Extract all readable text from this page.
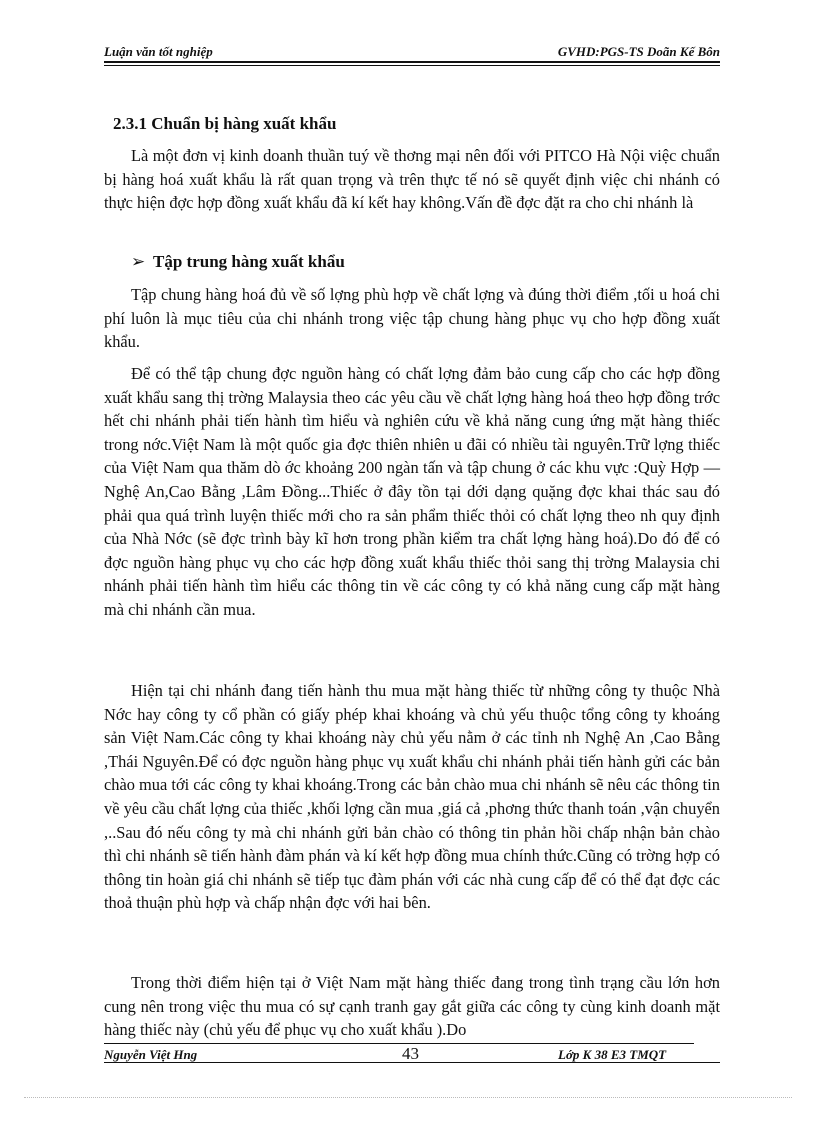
Luận văn tốt nghiệp	GVHD:PGS-TS Doãn Kế Bôn
2.3.1 Chuẩn bị hàng xuất khẩu

Là một đơn vị kinh doanh thuần tuý về thơng mại nên đối với PITCO Hà Nội việc chuẩn bị hàng hoá xuất khẩu là rất quan trọng và trên thực tế nó sẽ quyết định việc chi nhánh có thực hiện đợc hợp đồng xuất khẩu đã kí kết hay không.Vấn đề đợc đặt ra cho chi nhánh là

➢ Tập trung hàng xuất khẩu

Tập chung hàng hoá đủ về số lợng phù hợp về chất lợng và đúng thời điểm ,tối u hoá chi phí luôn là mục tiêu của chi nhánh trong việc tập chung hàng phục vụ cho hợp đồng xuất khẩu.

Để có thể tập chung đợc nguồn hàng có chất lợng đảm bảo cung cấp cho các hợp đồng xuất khẩu sang thị trờng Malaysia theo các yêu cầu về chất lợng hàng hoá theo hợp đồng trớc hết chi nhánh phải tiến hành tìm hiểu và nghiên cứu về khả năng cung ứng mặt hàng thiếc trong nớc.Việt Nam là một quốc gia đợc thiên nhiên u đãi có nhiều tài nguyên.Trữ lợng thiếc của Việt Nam qua thăm dò ớc khoảng 200 ngàn tấn và tập chung ở các khu vực :Quỳ Hợp —Nghệ An,Cao Bằng ,Lâm Đồng...Thiếc ở đây tồn tại dới dạng quặng đợc khai thác sau đó phải qua quá trình luyện thiếc mới cho ra sản phẩm thiếc thỏi có chất lợng theo nh quy định của Nhà Nớc (sẽ đợc trình bày kĩ hơn trong phần kiểm tra chất lợng hàng hoá).Do đó để có đợc nguồn hàng phục vụ cho các hợp đồng xuất khẩu thiếc thỏi sang thị trờng Malaysia chi nhánh phải tiến hành tìm hiểu các thông tin về các công ty có khả năng cung cấp mặt hàng mà chi nhánh cần mua.

Hiện tại chi nhánh đang tiến hành thu mua mặt hàng thiếc từ những công ty thuộc Nhà Nớc hay công ty cổ phần có giấy phép khai khoáng và chủ yếu thuộc tổng công ty khoáng sản Việt Nam.Các công ty khai khoáng này chủ yếu nằm ở các tỉnh nh Nghệ An ,Cao Bằng ,Thái Nguyên.Để có đợc nguồn hàng phục vụ xuất khẩu chi nhánh phải tiến hành gửi các bản chào mua tới các công ty khai khoáng.Trong các bản chào mua chi nhánh sẽ nêu các thông tin về yêu cầu chất lợng của thiếc ,khối lợng cần mua ,giá cả ,phơng thức thanh toán ,vận chuyển ,..Sau đó nếu công ty mà chi nhánh gửi bản chào có thông tin phản hồi chấp nhận bản chào thì chi nhánh sẽ tiến hành đàm phán và kí kết hợp đồng mua chính thức.Cũng có trờng hợp có thông tin hoàn giá chi nhánh sẽ tiếp tục đàm phán với các nhà cung cấp để có thể đạt đợc các thoả thuận phù hợp và chấp nhận đợc với hai bên.

Trong thời điểm hiện tại ở Việt Nam mặt hàng thiếc đang trong tình trạng cầu lớn hơn cung nên trong việc thu mua có sự cạnh tranh gay gắt giữa các công ty cùng kinh doanh mặt hàng thiếc này (chủ yếu để phục vụ cho xuất khẩu ).Do

Nguyễn Việt Hng	43	Lớp K 38 E3 TMQT
